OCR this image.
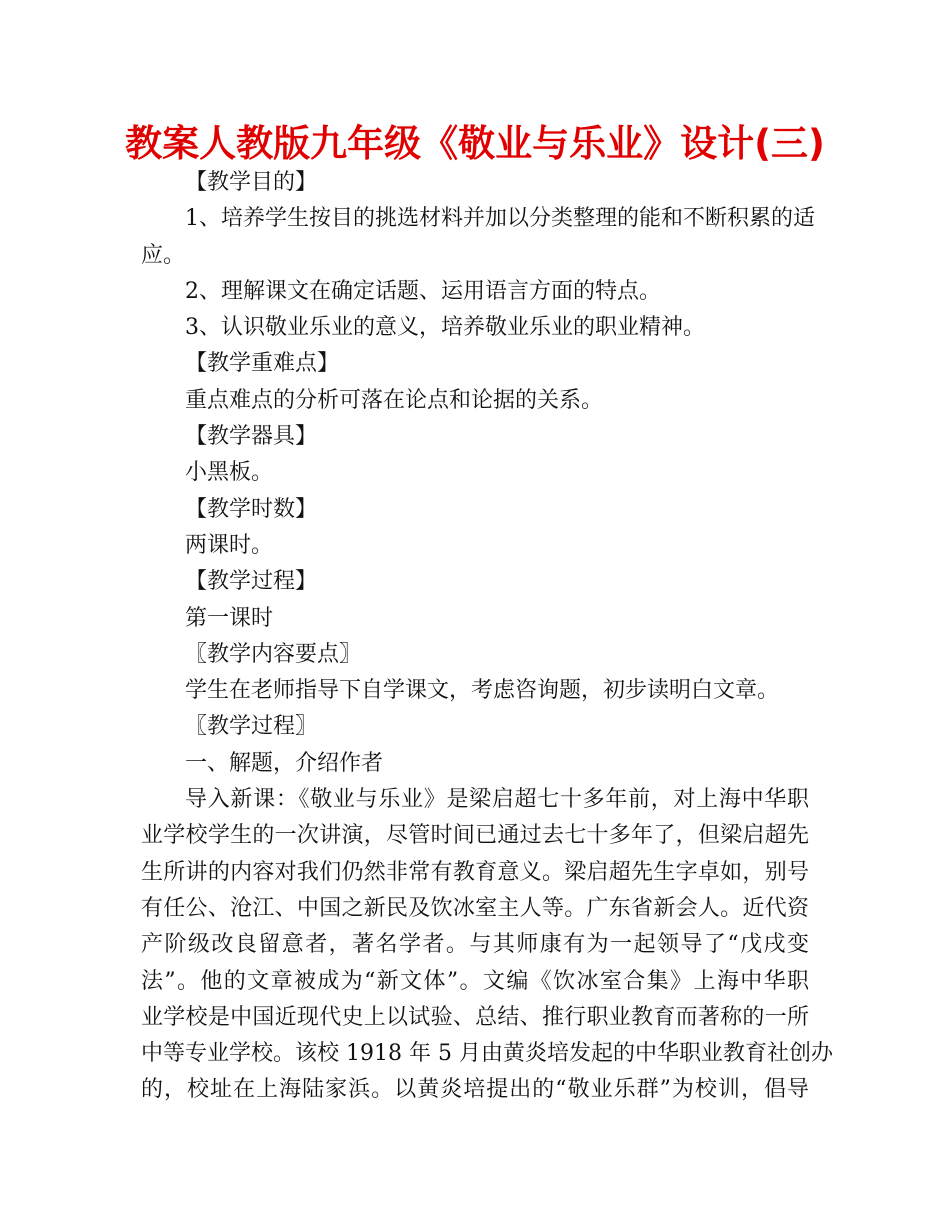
教案人教版九年级《敬业与乐业》设计(三)
【教学目的】
1、培养学生按目的挑选材料并加以分类整理的能和不断积累的适
应。
2、理解课文在确定话题、运用语言方面的特点。
3、认识敬业乐业的意义，培养敬业乐业的职业精神。
【教学重难点】
重点难点的分析可落在论点和论据的关系。
【教学器具】
小黑板。
【教学时数】
两课时。
【教学过程】
第一课时
〖教学内容要点〗
学生在老师指导下自学课文，考虑咨询题，初步读明白文章。
〖教学过程〗
一、解题，介绍作者
导入新课：《敬业与乐业》是梁启超七十多年前，对上海中华职
业学校学生的一次讲演，尽管时间已通过去七十多年了，但梁启超先
生所讲的内容对我们仍然非常有教育意义。梁启超先生字卓如，别号
有任公、沧江、中国之新民及饮冰室主人等。广东省新会人。近代资
产阶级改良留意者，著名学者。与其师康有为一起领导了“戊戌变
法”。他的文章被成为“新文体”。文编《饮冰室合集》上海中华职
业学校是中国近现代史上以试验、总结、推行职业教育而著称的一所
中等专业学校。该校 1918 年 5 月由黄炎培发起的中华职业教育社创办
的，校址在上海陆家浜。以黄炎培提出的“敬业乐群”为校训，倡导
